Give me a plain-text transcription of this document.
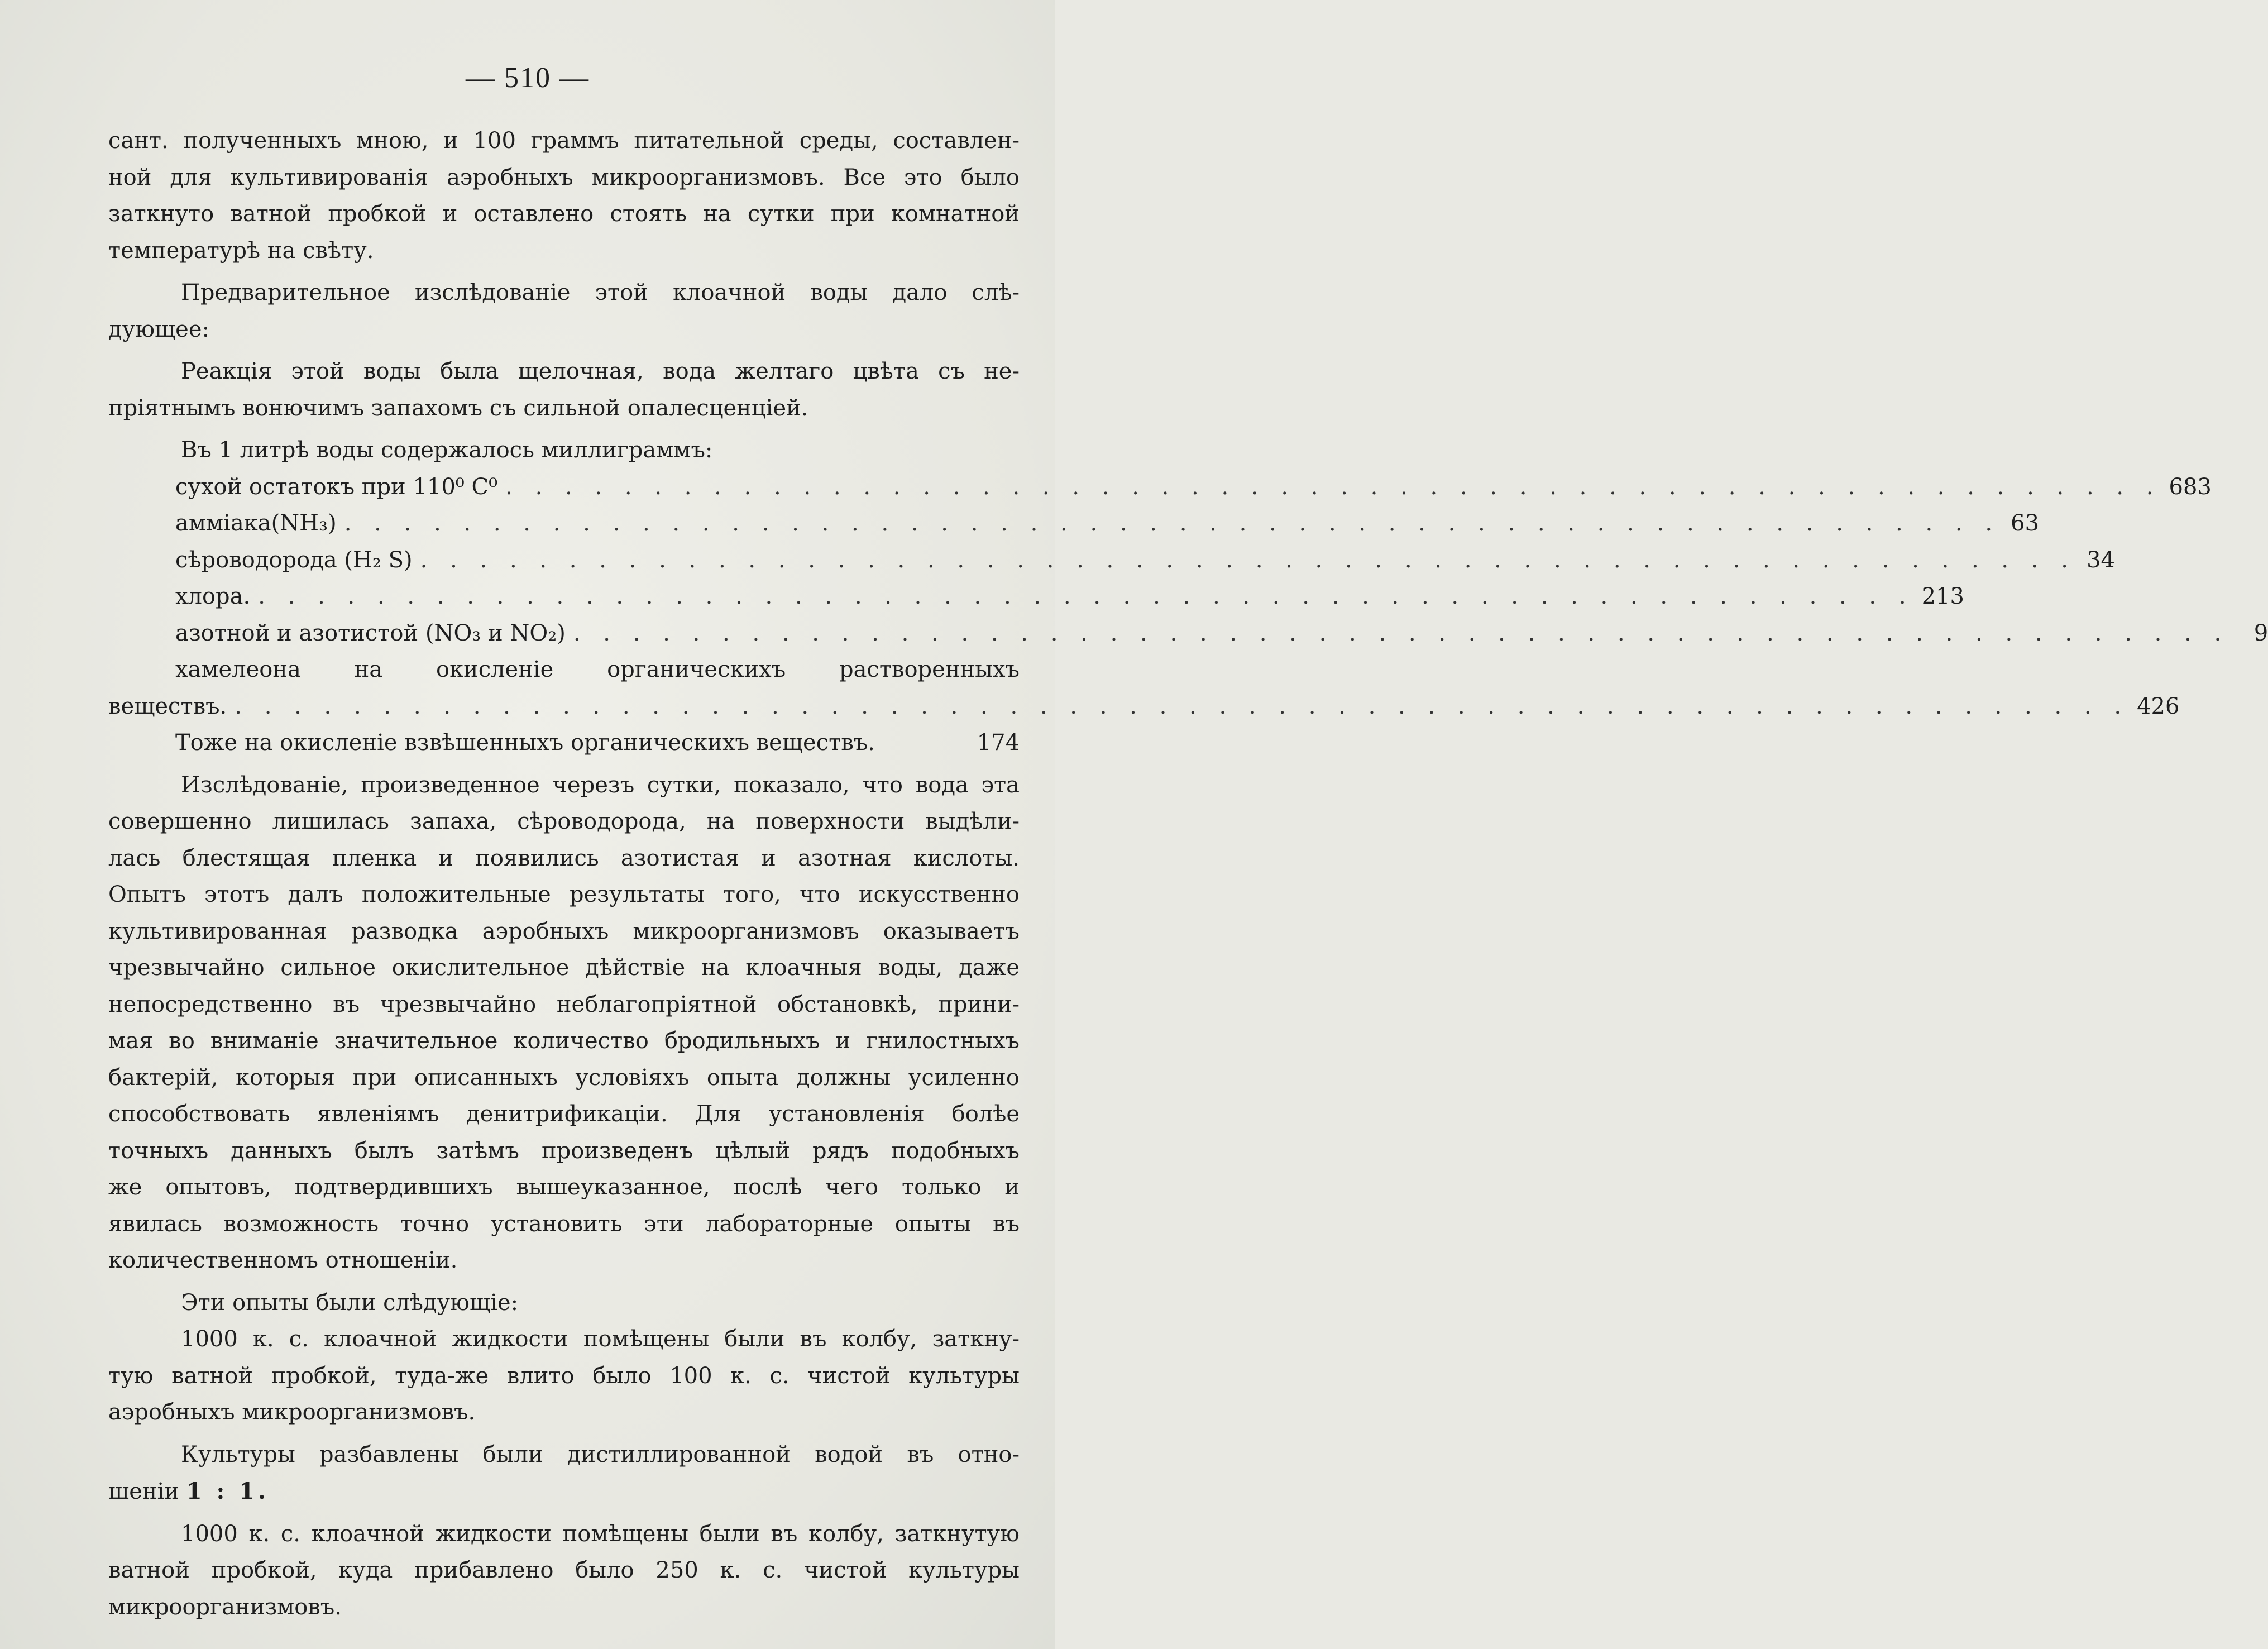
— 510 —

сант. полученныхъ мною, и 100 граммъ питательной среды, составлен-

ной для культивированія аэробныхъ микроорганизмовъ. Все это было

заткнуто ватной пробкой и оставлено стоять на сутки при комнатной

температурѣ на свѣту.

Предварительное изслѣдованіе этой клоачной воды дало слѣ-

дующее:

Реакція этой воды была щелочная, вода желтаго цвѣта съ не-

пріятнымъ вонючимъ запахомъ съ сильной опалесценціей.

Въ 1 литрѣ воды содержалось миллиграммъ:

сухой остатокъ при 110⁰ C⁰ . . . . . . . . . . . . . . . . . . . . . . . . . . . . . . . . . . . . . . . . . . . . . . . . . . . . . . . . 683
амміака(NH₃) . . . . . . . . . . . . . . . . . . . . . . . . . . . . . . . . . . . . . . . . . . . . . . . . . . . . . . . . 63
сѣроводорода (H₂ S) . . . . . . . . . . . . . . . . . . . . . . . . . . . . . . . . . . . . . . . . . . . . . . . . . . . . . . . . 34
хлора. . . . . . . . . . . . . . . . . . . . . . . . . . . . . . . . . . . . . . . . . . . . . . . . . . . . . . . . . 213
азотной и азотистой (NO₃ и NO₂) . . . . . . . . . . . . . . . . . . . . . . . . . . . . . . . . . . . . . . . . . . . . . . . . . . . . . . . .	9

хамелеона на окисленіе органическихъ растворенныхъ

веществъ. . . . . . . . . . . . . . . . . . . . . . . . . . . . . . . . . . . . . . . . . . . . . . . . . . . . . . . . . . . . . . . . . 426
Тоже на окисленіе взвѣшенныхъ органическихъ веществъ.	174

Изслѣдованіе, произведенное черезъ сутки, показало, что вода эта

совершенно лишилась запаха, сѣроводорода, на поверхности выдѣли-

лась блестящая пленка и появились азотистая и азотная кислоты.

Опытъ этотъ далъ положительные результаты того, что искусственно

культивированная разводка аэробныхъ микроорганизмовъ оказываетъ

чрезвычайно сильное окислительное дѣйствіе на клоачныя воды, даже

непосредственно въ чрезвычайно неблагопріятной обстановкѣ, прини-

мая во вниманіе значительное количество бродильныхъ и гнилостныхъ

бактерій, которыя при описанныхъ условіяхъ опыта должны усиленно

способствовать явленіямъ денитрификаціи. Для установленія болѣе

точныхъ данныхъ былъ затѣмъ произведенъ цѣлый рядъ подобныхъ

же опытовъ, подтвердившихъ вышеуказанное, послѣ чего только и

явилась возможность точно установить эти лабораторные опыты въ

количественномъ отношеніи.

Эти опыты были слѣдующіе:

1000 к. с. клоачной жидкости помѣщены были въ колбу, заткну-

тую ватной пробкой, туда-же влито было 100 к. с. чистой культуры

аэробныхъ микроорганизмовъ.

Культуры разбавлены были дистиллированной водой въ отно-

шеніи 1 : 1.

1000 к. с. клоачной жидкости помѣщены были въ колбу, заткнутую

ватной пробкой, куда прибавлено было 250 к. с. чистой культуры

микроорганизмовъ.
